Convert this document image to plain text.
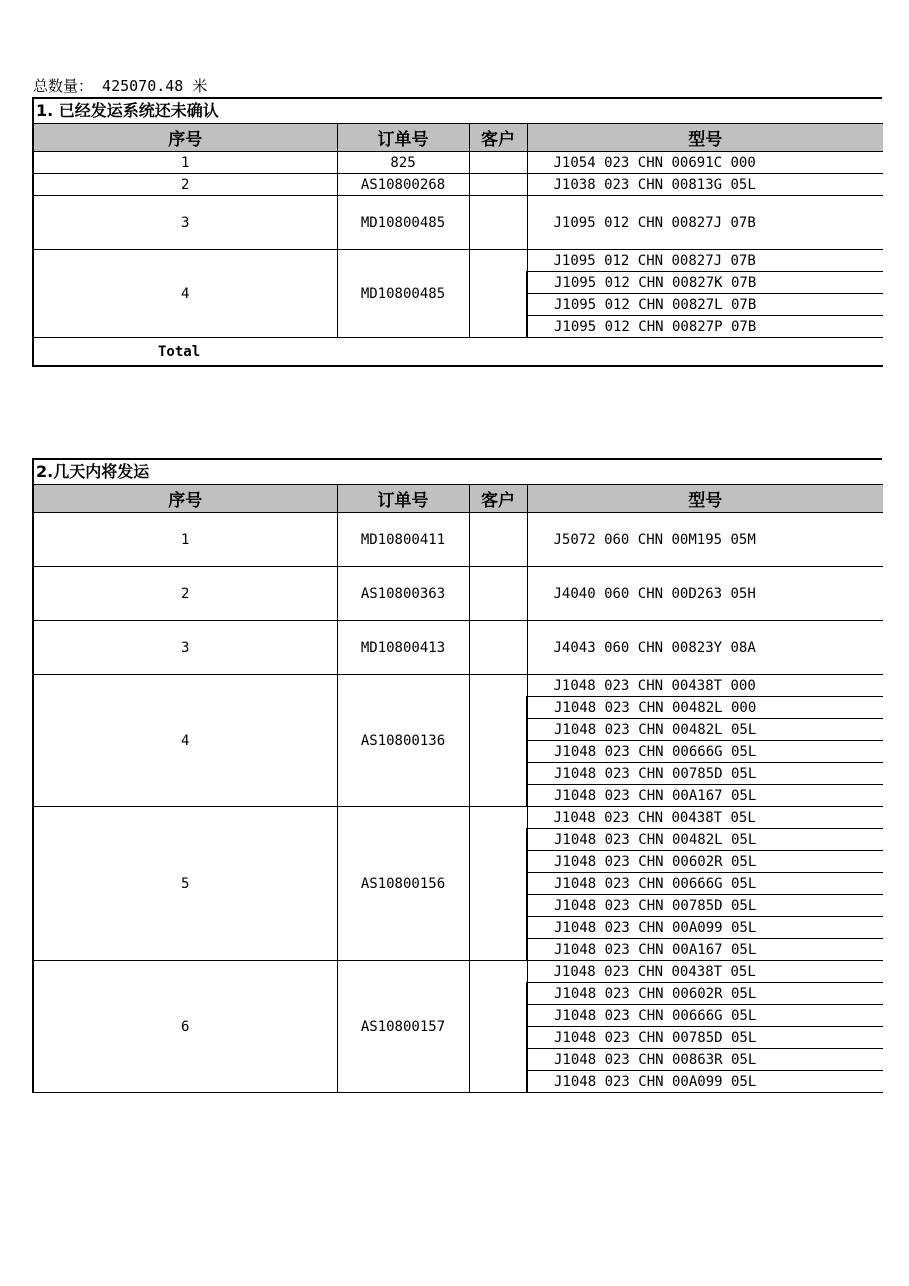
总数量： 425070.48 米
1. 已经发运系统还未确认
序号	订单号	客户	型号
1	825		J1054 023 CHN 00691C 000
2	AS10800268		J1038 023 CHN 00813G 05L
3	MD10800485		J1095 012 CHN 00827J 07B
4	MD10800485		J1095 012 CHN 00827J 07B
			J1095 012 CHN 00827K 07B
			J1095 012 CHN 00827L 07B
			J1095 012 CHN 00827P 07B
Total			
2.几天内将发运
序号	订单号	客户	型号
1	MD10800411		J5072 060 CHN 00M195 05M
2	AS10800363		J4040 060 CHN 00D263 05H
3	MD10800413		J4043 060 CHN 00823Y 08A
4	AS10800136		J1048 023 CHN 00438T 000
			J1048 023 CHN 00482L 000
			J1048 023 CHN 00482L 05L
			J1048 023 CHN 00666G 05L
			J1048 023 CHN 00785D 05L
			J1048 023 CHN 00A167 05L
5	AS10800156		J1048 023 CHN 00438T 05L
			J1048 023 CHN 00482L 05L
			J1048 023 CHN 00602R 05L
			J1048 023 CHN 00666G 05L
			J1048 023 CHN 00785D 05L
			J1048 023 CHN 00A099 05L
			J1048 023 CHN 00A167 05L
6	AS10800157		J1048 023 CHN 00438T 05L
			J1048 023 CHN 00602R 05L
			J1048 023 CHN 00666G 05L
			J1048 023 CHN 00785D 05L
			J1048 023 CHN 00863R 05L
			J1048 023 CHN 00A099 05L
